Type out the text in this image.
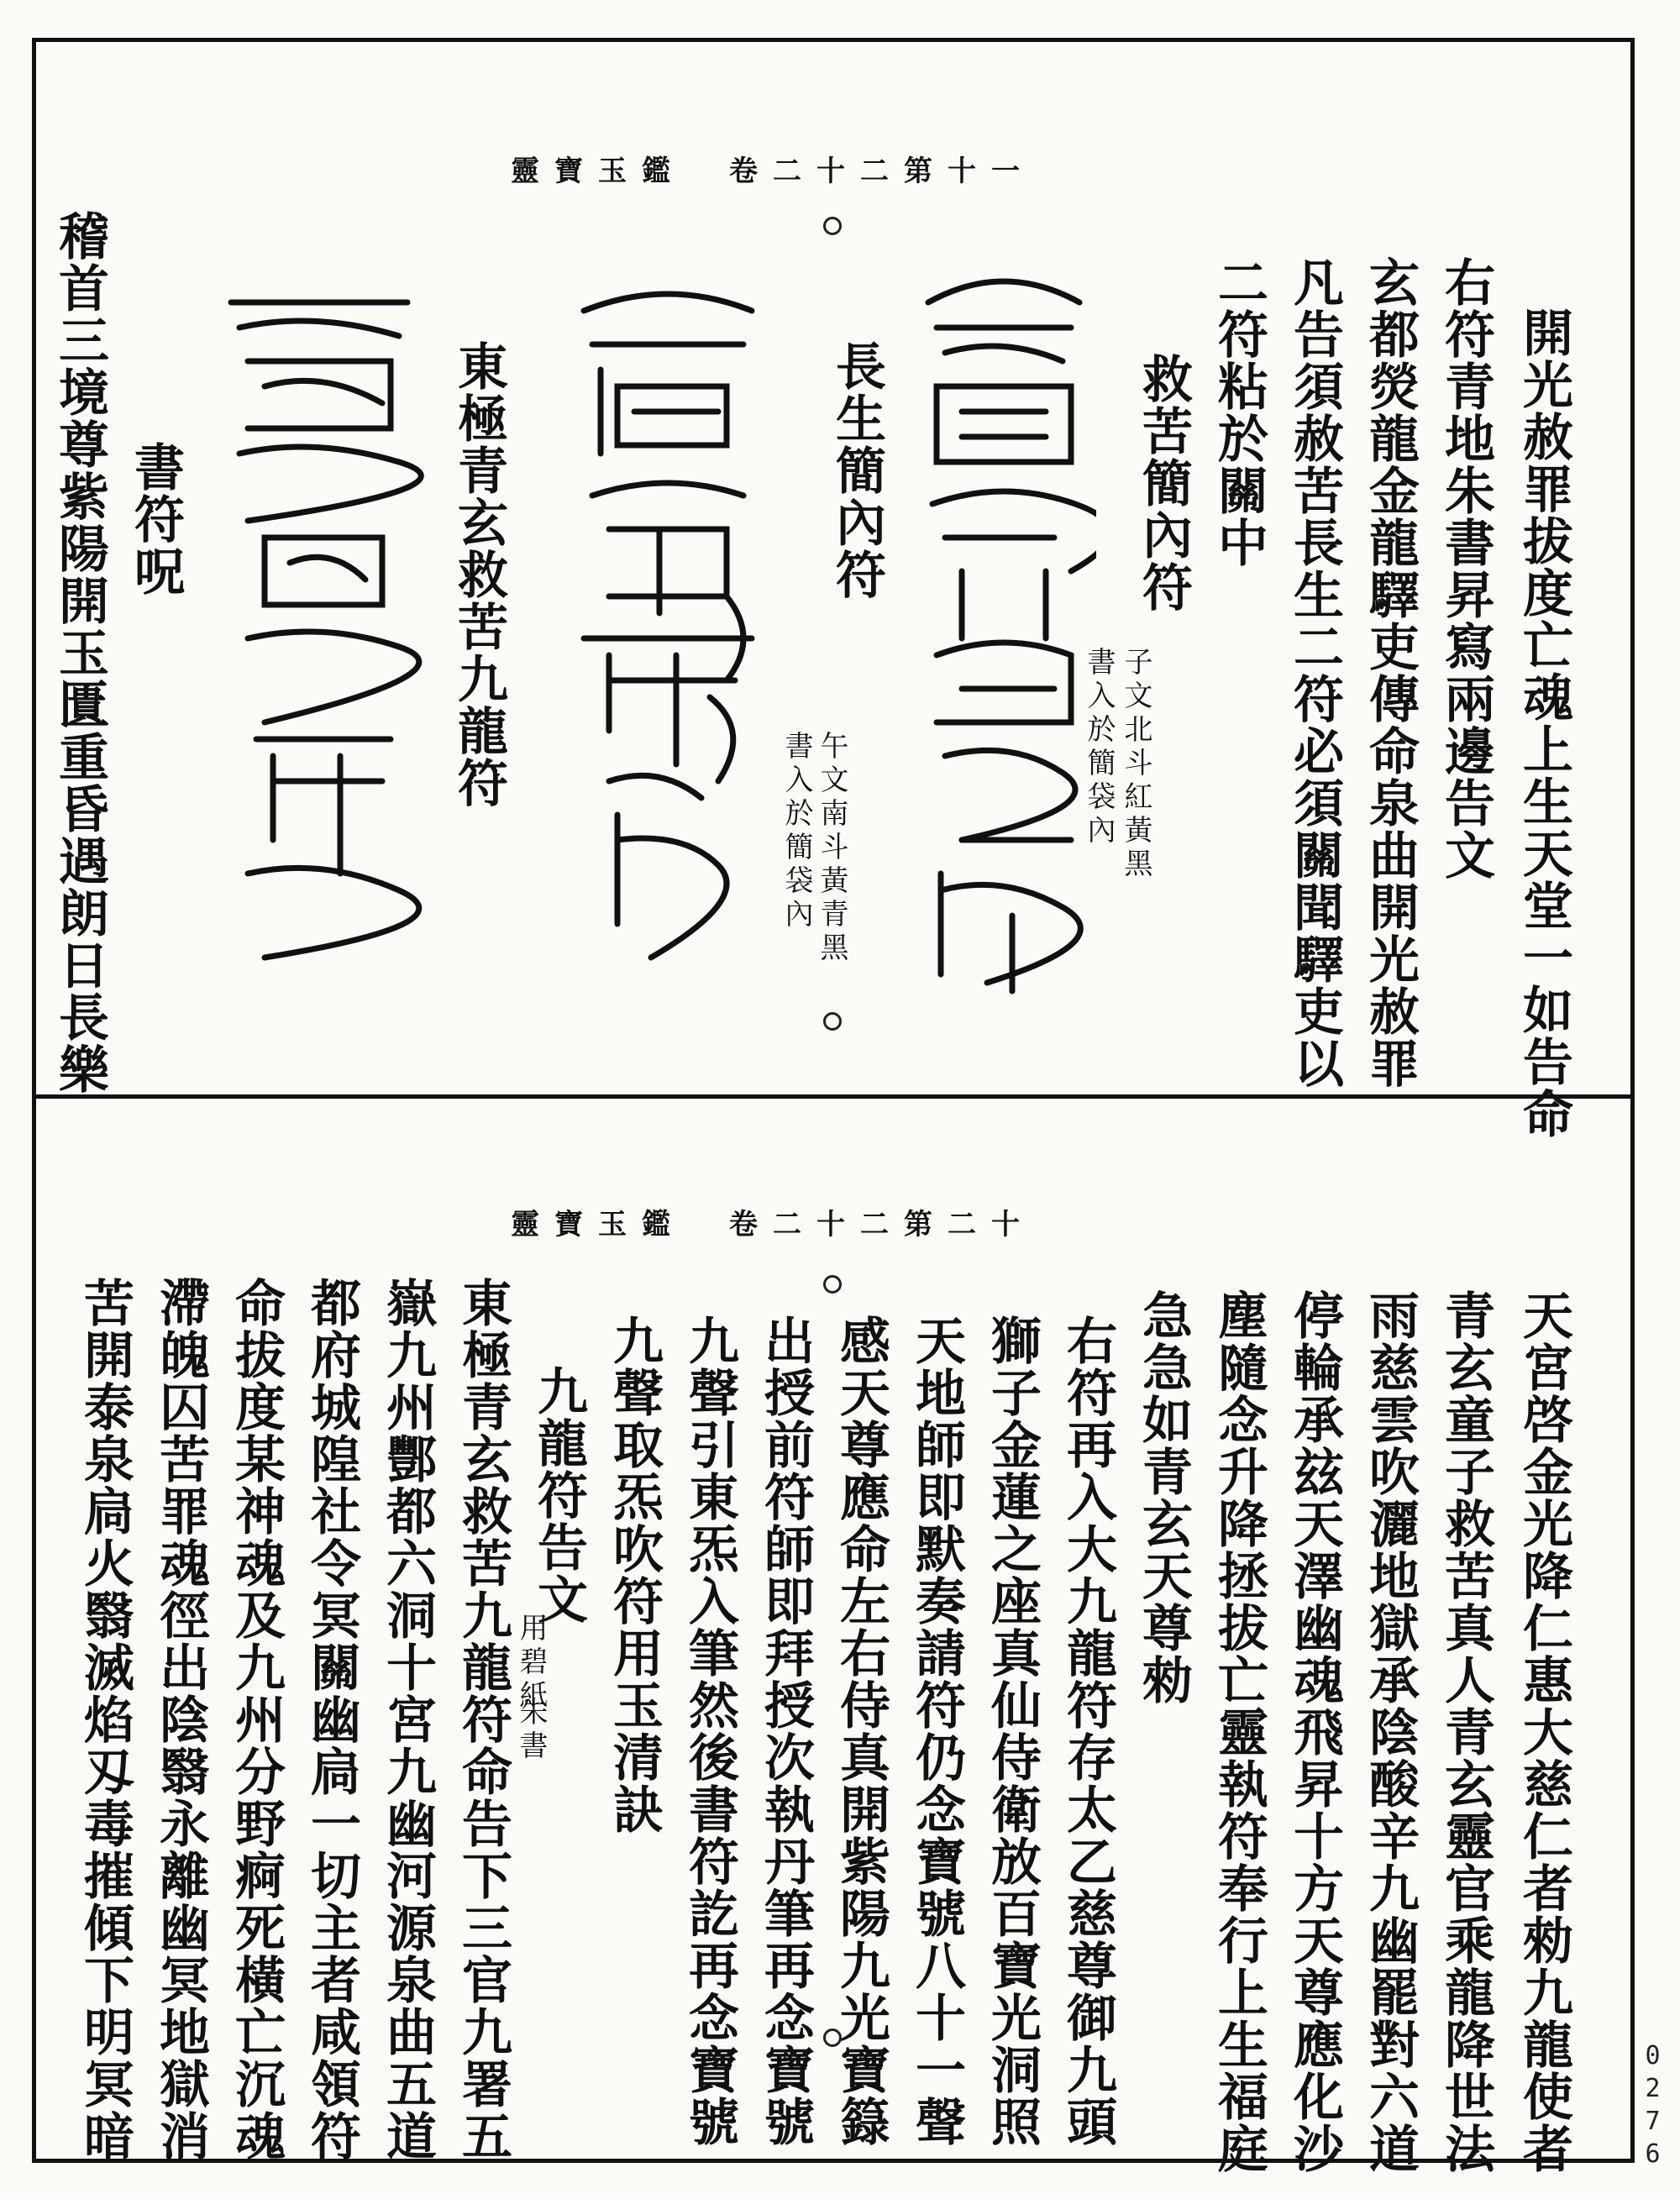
靈寶玉鑑　卷二十二第十一
靈寶玉鑑　卷二十二第二十
開光赦罪拔度亡魂上生天堂一如告命
右符青地朱書昇寫兩邊告文
玄都熒龍金龍驛吏傳命泉曲開光赦罪
凡告須赦苦長生二符必須關聞驛吏以
二符粘於關中
救苦簡內符
長生簡內符
東極青玄救苦九龍符
書符呪
稽首三境尊紫陽開玉匱重昏遇朗日長樂	子文北斗紅黃黑
書入於簡袋內
午文南斗黃青黑
書入於簡袋內
天宮啓金光降仁惠大慈仁者勑九龍使者
青玄童子救苦真人青玄靈官乘龍降世法
雨慈雲吹灑地獄承陰酸辛九幽罷對六道
停輪承玆天澤幽魂飛昇十方天尊應化沙
塵隨念升降拯拔亡靈執符奉行上生福庭
急急如青玄天尊勑
右符再入大九龍符存太乙慈尊御九頭
獅子金蓮之座真仙侍衛放百寶光洞照
天地師即默奏請符仍念寶號八十一聲
感天尊應命左右侍真開紫陽九光寶籙
出授前符師即拜授次執丹筆再念寶號
九聲引東炁入筆然後書符訖再念寶號
九聲取炁吹符用玉清訣
九龍符告文
東極青玄救苦九龍符命告下三官九署五
嶽九州酆都六洞十宮九幽河源泉曲五道
都府城隍社令冥關幽扃一切主者咸領符
命拔度某神魂及九州分野痾死橫亡沉魂
滯魄囚苦罪魂徑出陰翳永離幽冥地獄消
苦開泰泉扃火翳滅焰刄毒摧傾下明冥暗	用碧紙
朱書
0276
